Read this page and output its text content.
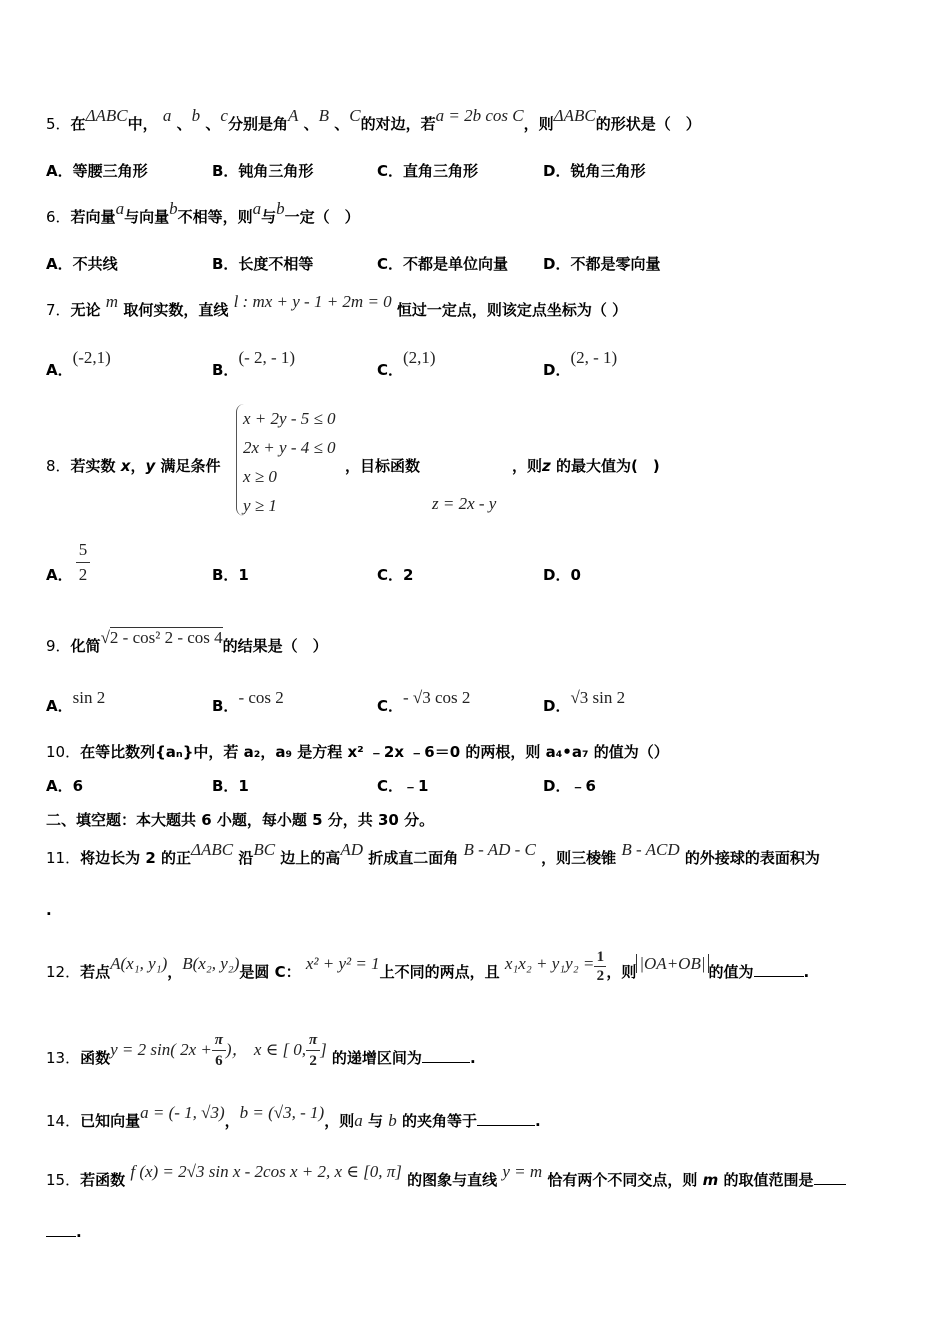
5．在ΔABC中， a 、b 、c分别是角A 、B 、C的对边，若a = 2b cos C，则ΔABC的形状是（　）
A．等腰三角形	B．钝角三角形	C．直角三角形	D．锐角三角形
6．若向量a与向量b不相等，则a与b一定（　）
A．不共线	B．长度不相等	C．不都是单位向量 D．不都是零向量
7．无论 m 取何实数，直线 l : mx + y - 1 + 2m = 0 恒过一定点，则该定点坐标为（ ）
A．(-2,1)
B．(- 2, - 1)
C．(2,1)
D．(2, - 1)
8．若实数 x，y 满足条件
x + 2y - 5 ≤ 0
2x + y - 4 ≤ 0
x ≥ 0
y ≥ 1
，目标函数	，则z 的最大值为(　)
z = 2x - y
A．
5
2	B．1	C．2	D．0
9．化简√2 - cos² 2 - cos 4的结果是（　）
A．sin 2	B．- cos 2	C．- √3 cos 2	D．√3 sin 2
10．在等比数列{aₙ}中，若 a₂，a₉ 是方程 x² ﹣2x ﹣6＝0 的两根，则 a₄•a₇ 的值为（）
A．6	B．1	C．﹣1	D．﹣6
二、填空题：本大题共 6 小题，每小题 5 分，共 30 分。
11．将边长为 2 的正ΔABC 沿BC 边上的高AD 折成直二面角 B - AD - C ，则三棱锥 B - ACD 的外接球的表面积为
.
12．若点A(x₁, y₁)，B(x₂, y₂)是圆 C： x² + y² = 1上不同的两点，且 $x_1x_2 + y_1y_2 = \frac{1}{2}$ ，则 |OA+OB| 的值为	.
13．函数y = 2 sin( $2x + \frac{\pi}{6}$ )， x ∈ [ 0, $\frac{\pi}{2}$ ] 的递增区间为	.
14．已知向量a = (- 1, √3)，b = (√3, - 1)，则a 与 b 的夹角等于	.
15．若函数 f (x) = 2√3 sin x - 2cos x + 2, x ∈ [0, π] 的图象与直线 y = m 恰有两个不同交点，则 m 的取值范围是
.
